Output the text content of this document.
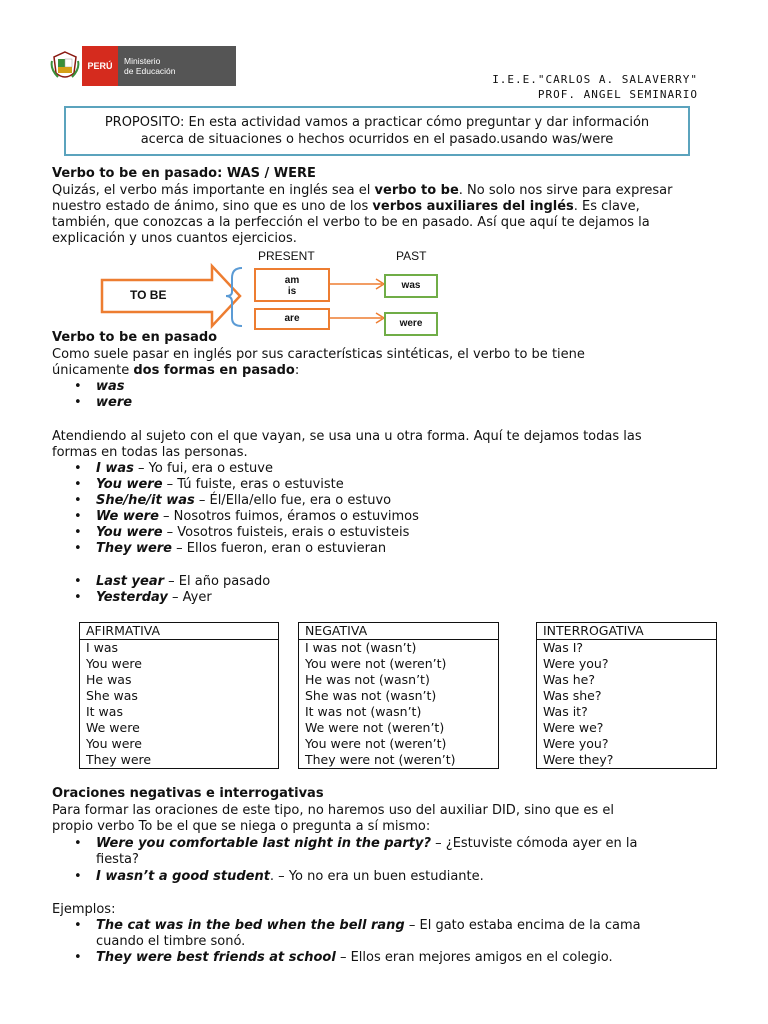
PERÚ	Ministerio
de Educación
I.E.E."CARLOS A. SALAVERRY"
PROF. ANGEL SEMINARIO
PROPOSITO: En esta actividad vamos a practicar cómo preguntar y dar información
acerca de situaciones o hechos ocurridos en el pasado.usando was/were
Verbo to be en pasado: WAS / WERE
Quizás, el verbo más importante en inglés sea el verbo to be. No solo nos sirve para expresar
nuestro estado de ánimo, sino que es uno de los verbos auxiliares del inglés. Es clave,
también, que conozcas a la perfección el verbo to be en pasado. Así que aquí te dejamos la
explicación y unos cuantos ejercicios.
PRESENT	PAST
TO BE
am
is
are
was
were
Verbo to be en pasado
Como suele pasar en inglés por sus características sintéticas, el verbo to be tiene
únicamente dos formas en pasado:
• was
• were
Atendiendo al sujeto con el que vayan, se usa una u otra forma. Aquí te dejamos todas las
formas en todas las personas.
• I was – Yo fui, era o estuve
• You were – Tú fuiste, eras o estuviste
• She/he/it was – Él/Ella/ello fue, era o estuvo
• We were – Nosotros fuimos, éramos o estuvimos
• You were – Vosotros fuisteis, erais o estuvisteis
• They were – Ellos fueron, eran o estuvieran
• Last year – El año pasado
• Yesterday – Ayer
AFIRMATIVA
I was
You were
He was
She was
It was
We were
You were
They were
NEGATIVA
I was not (wasn’t)
You were not (weren’t)
He was not (wasn’t)
She was not (wasn’t)
It was not (wasn’t)
We were not (weren’t)
You were not (weren’t)
They were not (weren’t)
INTERROGATIVA
Was I?
Were you?
Was he?
Was she?
Was it?
Were we?
Were you?
Were they?
Oraciones negativas e interrogativas
Para formar las oraciones de este tipo, no haremos uso del auxiliar DID, sino que es el
propio verbo To be el que se niega o pregunta a sí mismo:
• Were you comfortable last night in the party? – ¿Estuviste cómoda ayer en la
fiesta?
• I wasn’t a good student. – Yo no era un buen estudiante.
Ejemplos:
• The cat was in the bed when the bell rang – El gato estaba encima de la cama
cuando el timbre sonó.
• They were best friends at school – Ellos eran mejores amigos en el colegio.
